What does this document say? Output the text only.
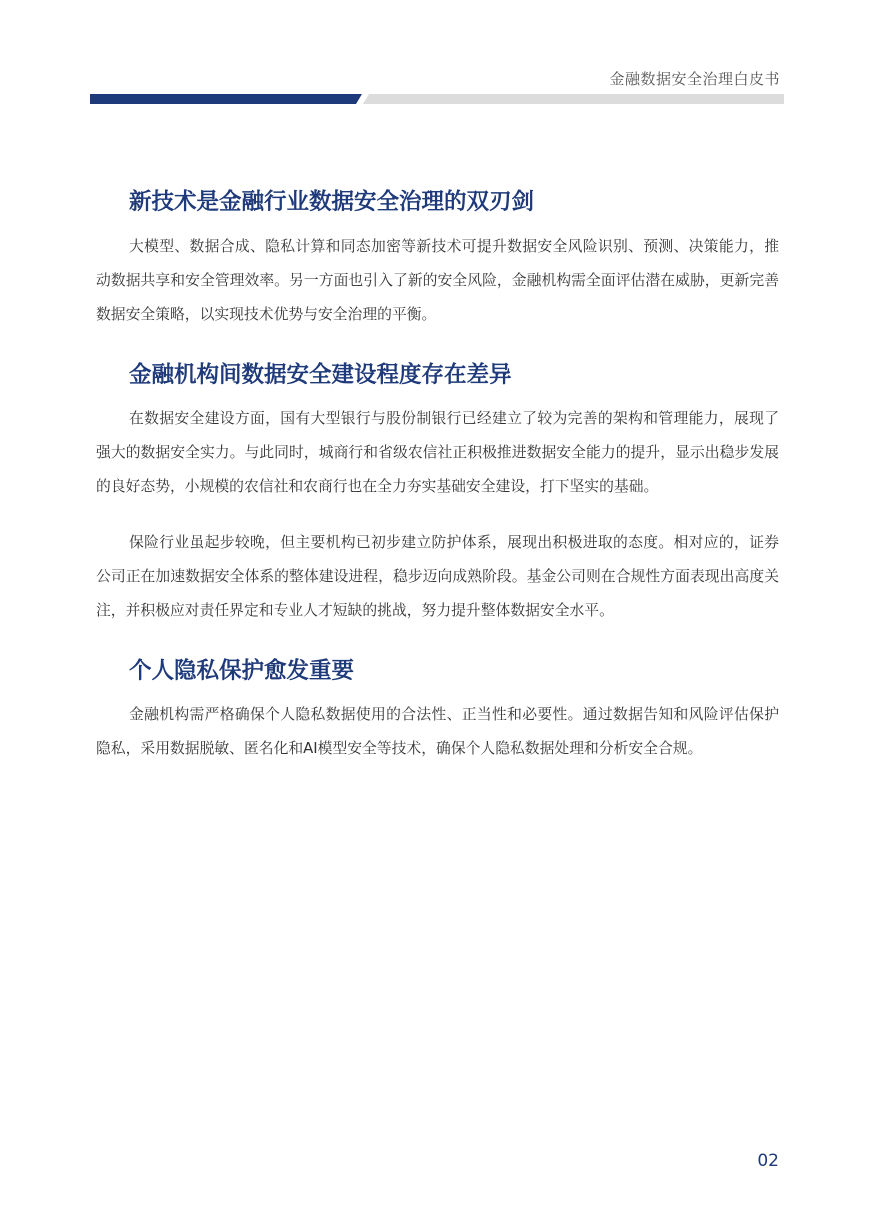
金融数据安全治理白皮书
新技术是金融行业数据安全治理的双刃剑

大模型、数据合成、隐私计算和同态加密等新技术可提升数据安全风险识别、预测、决策能力，推动数据共享和安全管理效率。另一方面也引入了新的安全风险，金融机构需全面评估潜在威胁，更新完善数据安全策略，以实现技术优势与安全治理的平衡。

金融机构间数据安全建设程度存在差异

在数据安全建设方面，国有大型银行与股份制银行已经建立了较为完善的架构和管理能力，展现了强大的数据安全实力。与此同时，城商行和省级农信社正积极推进数据安全能力的提升，显示出稳步发展的良好态势，小规模的农信社和农商行也在全力夯实基础安全建设，打下坚实的基础。

保险行业虽起步较晚，但主要机构已初步建立防护体系，展现出积极进取的态度。相对应的，证券公司正在加速数据安全体系的整体建设进程，稳步迈向成熟阶段。基金公司则在合规性方面表现出高度关注，并积极应对责任界定和专业人才短缺的挑战，努力提升整体数据安全水平。

个人隐私保护愈发重要

金融机构需严格确保个人隐私数据使用的合法性、正当性和必要性。通过数据告知和风险评估保护隐私，采用数据脱敏、匿名化和AI模型安全等技术，确保个人隐私数据处理和分析安全合规。

02
